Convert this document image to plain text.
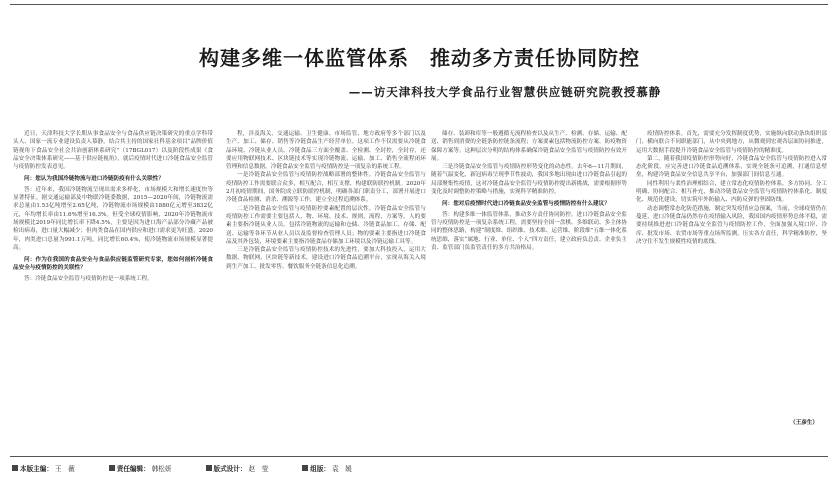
构建多维一体监管体系　推动多方责任协同防控
——访天津科技大学食品行业智慧供应链研究院教授慕静

近日，天津科技大学长期从事食品安全与食品供应链决策研究的重点学科带头人、国家一流专业建设负责人慕静，结合其主持的国家社科基金项目“品牌价值链视角下食品安全社会共治创新体系研究”（17BGL017）以及阶段性成果《食品安全决策体系研究——基于供应链视角》，就后疫情时代进口冷链食品安全监管与疫情防控发表意见。

问：您认为我国冷链物流与进口冷链防疫有什么关联性？

答：近年来，我国冷链物流呈现出需求多样化、市场规模大和增长速度快等显著特征。据交通运输部及中物联冷链委数据，2015—2020年间，冷链物流需求总量由1.53亿吨增至2.65亿吨，冷链物流市场规模由1880亿元增至3832亿元，年均增长率由11.6%增至16.3%。但受全球疫情影响，2020年冷链物流市场规模比2019年同比增长率下降4.5%，主要是因为进口海产品部分冷藏产品被检出病毒，进口量大幅减少；但肉类食品在国内供应和进口需求更为旺盛，2020年，肉类进口总量为991.1万吨，同比增长60.4%，使冷链物流市场规模显著提高。

问：作为在我国的食品安全与食品供应链监管研究专家，您如何剖析冷链食品安全与疫情防控的关联性？

答：冷链食品安全监管与疫情防控是一项系统工程，

程，涉及海关、交通运输、卫生健康、市场监管、地方政府等多个部门以及生产、加工、储存、销售等冷链食品生产经营单位。这项工作不仅需要从冷链食品环境、冷链从业人员、冷链食品三方面全覆盖、全检测、全封控，全封存，还要应用物联网技术、区块链技术等实现冷链物流、运输、加工、销售全流程闭环管理和信息数据，冷链食品安全监管与疫情防控是一项复杂的系统工程。

一是冷链食品安全监管与疫情防控战略部署的整体性。冷链食品安全监管与疫情防控工作需要联合众多，相互配合，相互支撑，构建联防联控机制。2020年2月初疫情期间，国务院成立联防联控机制，明确各部门职责分工，部署开展进口冷链食品检测、消杀、溯源等工作，建立全过程追溯体系。

二是冷链食品安全监管与疫情防控要素配置的层次性。冷链食品安全监管与疫情防控工作需要主要包括人、物、环境、技术、规则、流程、方案等，人的要素主要指冷链从业人员，包括冷链物流的运输和仓储、冷链食品加工、存储、配送、运输等各环节从业人员以及监督检查管理人员；物的要素主要指进口冷链食品及其外包装，环境要素主要指冷链食品存储加工环境以及冷链运输工具等。

三是冷链食品安全监管与疫情防控技术的先进性，要加大科技投入，运用大数据、物联网、区块链等新技术，建设进口冷链食品追溯平台，实现从海关入境到生产加工、批发零售、餐饮服务全链条信息化追溯。

储存、装卸和库等一般遵循无流程检查以及从生产、检测、存储、运输、配送、销售到消费的全链条防控链条流程；方案要素包括物流防控方案、防疫物资保障方案等。这种层次分明的结构体系确保冷链食品安全监管与疫情防控有效开展。

三是冷链食品安全监管与疫情防控形势变化的动态性。去年6—11月期间，随着气温变化，新冠病毒呈现季节性波动，我国多地出现由进口冷链食品引起的局部聚集性疫情，这对冷链食品安全监管与疫情防控提出新挑战，需要根据形势变化及时调整防控策略与措施，实现科学精准防控。

问：您对后疫情时代进口冷链食品安全监管与疫情防控有什么建议？

答：构建多维一体监管体系，推动多方责任协同防控。进口冷链食品安全监管与疫情防控是一项复杂系统工程，需要坚持全国一盘棋、多维联动、多主体协同的整体思路，构建“制度维、组织维、技术维、运营维、阶段维”五维一体化系统思维，落实“属地、行业、单位、个人”四方责任，建立政府负总责、企业负主责、监管部门负监管责任的多方共治格局。

疫情防控体系。首先，需要充分发挥制度优势，实施纵向联动条块组织部门、横向联合不同职能部门，从中央到地方，从微观到宏观各层面协同推进，运用大数据手段提升冷链食品安全监管与疫情防控的精准度。

第二，随着我国疫情防控形势向好，冷链食品安全监管与疫情防控进入常态化阶段，应完善进口冷链食品追溯体系，实现全链条可追溯，打通信息壁垒，构建冷链食品安全信息共享平台，加强部门间信息互通。

同性利用与柔性治理相结合，建立常态化疫情防控体系，多方协同、分工明确、协同配合、相互补充，推动冷链食品安全监管与疫情防控体系化、制度化、规范化建设，切实筑牢外防输入、内防反弹的坚固防线。

动态调整常态化防范措施，制定突发疫情应急预案，当前，全球疫情仍在蔓延，进口冷链食品仍然存在疫情输入风险，我国国内疫情形势总体平稳，需要持续推进进口冷链食品安全监管与疫情防控工作，全面加强入境口岸、冷库、批发市场、农贸市场等重点场所监测，压实各方责任，科学精准防控，坚决守住不发生规模性疫情的底线。

（王彦生）
本版主编： 王　薇	责任编辑： 韩松妍	版式设计： 赵　莹	组版： 袁　媛
